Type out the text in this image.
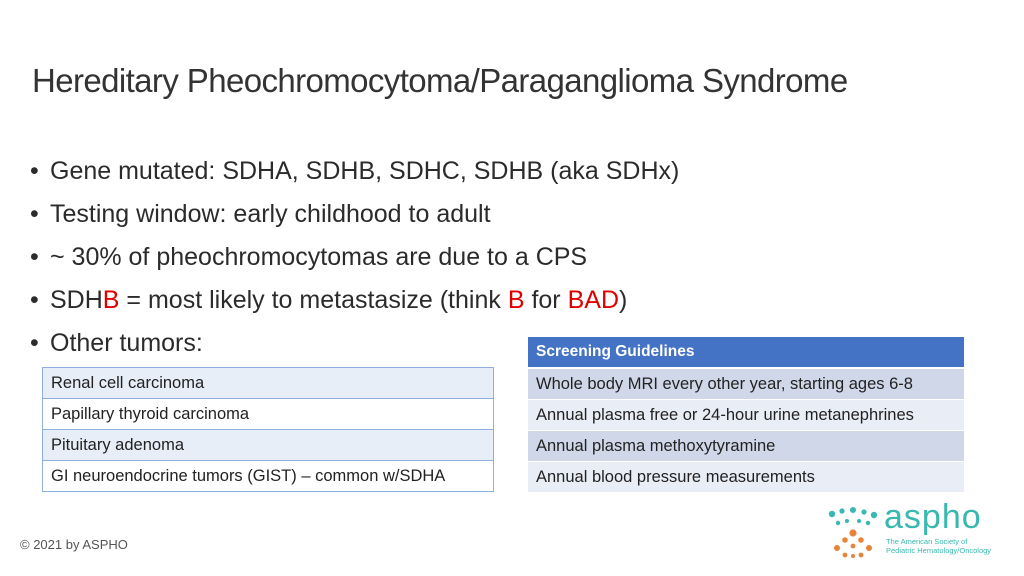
Hereditary Pheochromocytoma/Paraganglioma Syndrome
• Gene mutated: SDHA, SDHB, SDHC, SDHB (aka SDHx)
• Testing window: early childhood to adult
• ~ 30% of pheochromocytomas are due to a CPS
• SDHB = most likely to metastasize (think B for BAD)
• Other tumors:
Renal cell carcinoma
Papillary thyroid carcinoma
Pituitary adenoma
GI neuroendocrine tumors (GIST) – common w/SDHA
Screening Guidelines
Whole body MRI every other year, starting ages 6-8
Annual plasma free or 24-hour urine metanephrines
Annual plasma methoxytyramine
Annual blood pressure measurements
© 2021 by ASPHO
aspho
The American Society of
Pediatric Hematology/Oncology
